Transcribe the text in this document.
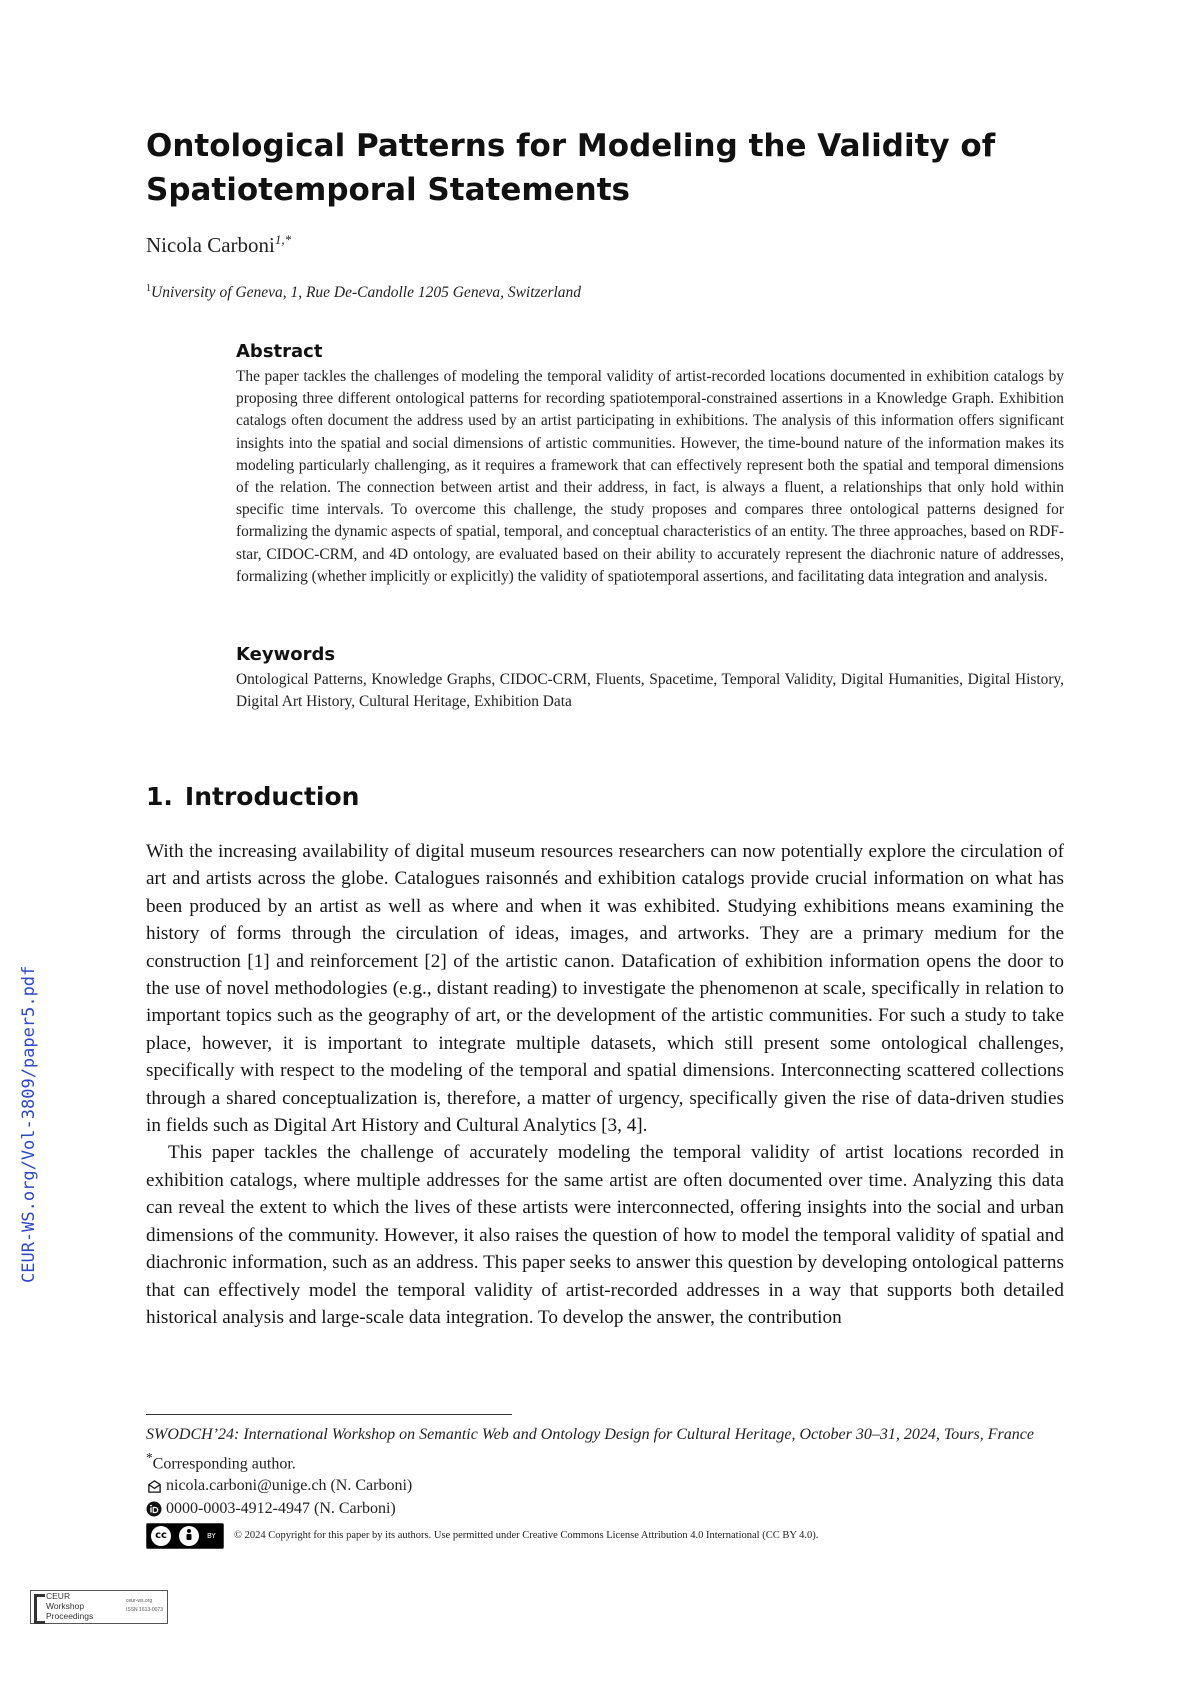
CEUR-WS.org/Vol-3809/paper5.pdf
Ontological Patterns for Modeling the Validity of Spatiotemporal Statements
Nicola Carboni$^{1,*}$
$^1$University of Geneva, 1, Rue De-Candolle 1205 Geneva, Switzerland
Abstract

The paper tackles the challenges of modeling the temporal validity of artist-recorded locations documented in exhibition catalogs by proposing three different ontological patterns for recording spatiotemporal-constrained assertions in a Knowledge Graph. Exhibition catalogs often document the address used by an artist participating in exhibitions. The analysis of this information offers significant insights into the spatial and social dimensions of artistic communities. However, the time-bound nature of the information makes its modeling particularly challenging, as it requires a framework that can effectively represent both the spatial and temporal dimensions of the relation. The connection between artist and their address, in fact, is always a fluent, a relationships that only hold within specific time intervals. To overcome this challenge, the study proposes and compares three ontological patterns designed for formalizing the dynamic aspects of spatial, temporal, and conceptual characteristics of an entity. The three approaches, based on RDF-star, CIDOC-CRM, and 4D ontology, are evaluated based on their ability to accurately represent the diachronic nature of addresses, formalizing (whether implicitly or explicitly) the validity of spatiotemporal assertions, and facilitating data integration and analysis.

Keywords

Ontological Patterns, Knowledge Graphs, CIDOC-CRM, Fluents, Spacetime, Temporal Validity, Digital Humanities, Digital History, Digital Art History, Cultural Heritage, Exhibition Data

1. Introduction

With the increasing availability of digital museum resources researchers can now potentially explore the circulation of art and artists across the globe. Catalogues raisonnés and exhibition catalogs provide crucial information on what has been produced by an artist as well as where and when it was exhibited. Studying exhibitions means examining the history of forms through the circulation of ideas, images, and artworks. They are a primary medium for the construction [1] and reinforcement [2] of the artistic canon. Datafication of exhibition information opens the door to the use of novel methodologies (e.g., distant reading) to investigate the phenomenon at scale, specifically in relation to important topics such as the geography of art, or the development of the artistic communities. For such a study to take place, however, it is important to integrate multiple datasets, which still present some ontological challenges, specifically with respect to the modeling of the temporal and spatial dimensions. Interconnecting scattered collections through a shared conceptualization is, therefore, a matter of urgency, specifically given the rise of data-driven studies in fields such as Digital Art History and Cultural Analytics [3, 4].

This paper tackles the challenge of accurately modeling the temporal validity of artist locations recorded in exhibition catalogs, where multiple addresses for the same artist are often documented over time. Analyzing this data can reveal the extent to which the lives of these artists were interconnected, offering insights into the social and urban dimensions of the community. However, it also raises the question of how to model the temporal validity of spatial and diachronic information, such as an address. This paper seeks to answer this question by developing ontological patterns that can effectively model the temporal validity of artist-recorded addresses in a way that supports both detailed historical analysis and large-scale data integration. To develop the answer, the contribution

SWODCH’24: International Workshop on Semantic Web and Ontology Design for Cultural Heritage, October 30–31, 2024, Tours, France
*Corresponding author.
nicola.carboni@unige.ch (N. Carboni)
0000-0003-4912-4947 (N. Carboni)
cc	BY © 2024 Copyright for this paper by its authors. Use permitted under Creative Commons License Attribution 4.0 International (CC BY 4.0).
CEUR
Workshop
Proceedings
ceur-ws.org
ISSN 1613-0073
